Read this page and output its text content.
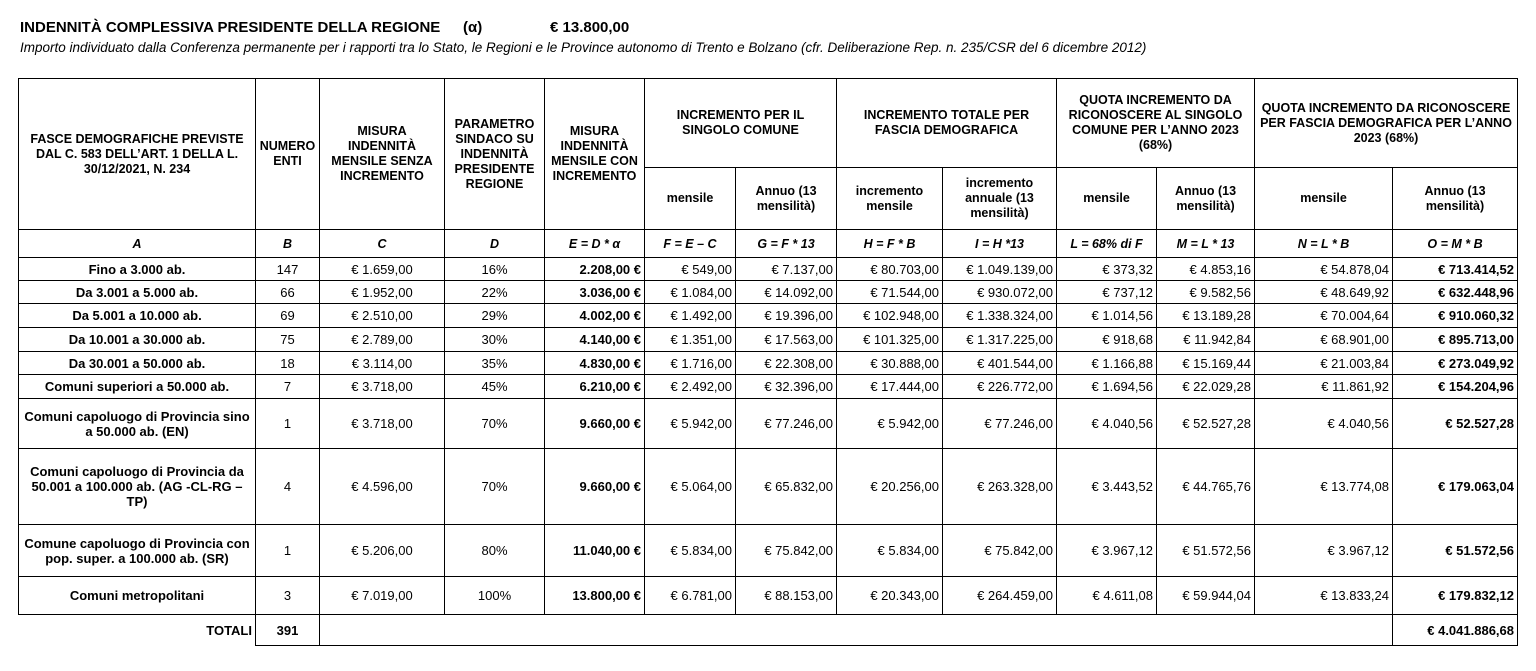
INDENNITÀ COMPLESSIVA PRESIDENTE DELLA REGIONE (α)	€ 13.800,00
Importo individuato dalla Conferenza permanente per i rapporti tra lo Stato, le Regioni e le Province autonomo di Trento e Bolzano (cfr. Deliberazione Rep. n. 235/CSR del 6 dicembre 2012)
FASCE DEMOGRAFICHE PREVISTE DAL C. 583 DELL’ART. 1 DELLA L. 30/12/2021, N. 234	NUMERO ENTI	MISURA INDENNITÀ MENSILE SENZA INCREMENTO	PARAMETRO SINDACO SU INDENNITÀ PRESIDENTE REGIONE	MISURA INDENNITÀ MENSILE CON INCREMENTO	INCREMENTO PER IL SINGOLO COMUNE		INCREMENTO TOTALE PER FASCIA DEMOGRAFICA		QUOTA INCREMENTO DA RICONOSCERE AL SINGOLO COMUNE PER L’ANNO 2023 (68%)		QUOTA INCREMENTO DA RICONOSCERE PER FASCIA DEMOGRAFICA PER L’ANNO 2023 (68%)	
					mensile	Annuo (13 mensilità)	incremento mensile	incremento annuale (13 mensilità)	mensile	Annuo (13 mensilità)	mensile	Annuo (13 mensilità)
A	B	C	D	E = D * α	F = E – C	G = F * 13	H = F * B	I = H *13	L = 68% di F	M = L * 13	N = L * B	O = M * B
Fino a 3.000 ab.	147	€ 1.659,00	16%	2.208,00 €	€ 549,00	€ 7.137,00	€ 80.703,00	€ 1.049.139,00	€ 373,32	€ 4.853,16	€ 54.878,04	€ 713.414,52
Da 3.001 a 5.000 ab.	66	€ 1.952,00	22%	3.036,00 €	€ 1.084,00	€ 14.092,00	€ 71.544,00	€ 930.072,00	€ 737,12	€ 9.582,56	€ 48.649,92	€ 632.448,96
Da 5.001 a 10.000 ab.	69	€ 2.510,00	29%	4.002,00 €	€ 1.492,00	€ 19.396,00	€ 102.948,00	€ 1.338.324,00	€ 1.014,56	€ 13.189,28	€ 70.004,64	€ 910.060,32
Da 10.001 a 30.000 ab.	75	€ 2.789,00	30%	4.140,00 €	€ 1.351,00	€ 17.563,00	€ 101.325,00	€ 1.317.225,00	€ 918,68	€ 11.942,84	€ 68.901,00	€ 895.713,00
Da 30.001 a 50.000 ab.	18	€ 3.114,00	35%	4.830,00 €	€ 1.716,00	€ 22.308,00	€ 30.888,00	€ 401.544,00	€ 1.166,88	€ 15.169,44	€ 21.003,84	€ 273.049,92
Comuni superiori a 50.000 ab.	7	€ 3.718,00	45%	6.210,00 €	€ 2.492,00	€ 32.396,00	€ 17.444,00	€ 226.772,00	€ 1.694,56	€ 22.029,28	€ 11.861,92	€ 154.204,96
Comuni capoluogo di Provincia sino a 50.000 ab. (EN)	1	€ 3.718,00	70%	9.660,00 €	€ 5.942,00	€ 77.246,00	€ 5.942,00	€ 77.246,00	€ 4.040,56	€ 52.527,28	€ 4.040,56	€ 52.527,28
Comuni capoluogo di Provincia da 50.001 a 100.000 ab. (AG -CL-RG – TP)	4	€ 4.596,00	70%	9.660,00 €	€ 5.064,00	€ 65.832,00	€ 20.256,00	€ 263.328,00	€ 3.443,52	€ 44.765,76	€ 13.774,08	€ 179.063,04
Comune capoluogo di Provincia con pop. super. a 100.000 ab. (SR)	1	€ 5.206,00	80%	11.040,00 €	€ 5.834,00	€ 75.842,00	€ 5.834,00	€ 75.842,00	€ 3.967,12	€ 51.572,56	€ 3.967,12	€ 51.572,56
Comuni metropolitani	3	€ 7.019,00	100%	13.800,00 €	€ 6.781,00	€ 88.153,00	€ 20.343,00	€ 264.459,00	€ 4.611,08	€ 59.944,04	€ 13.833,24	€ 179.832,12
TOTALI	391											€ 4.041.886,68
